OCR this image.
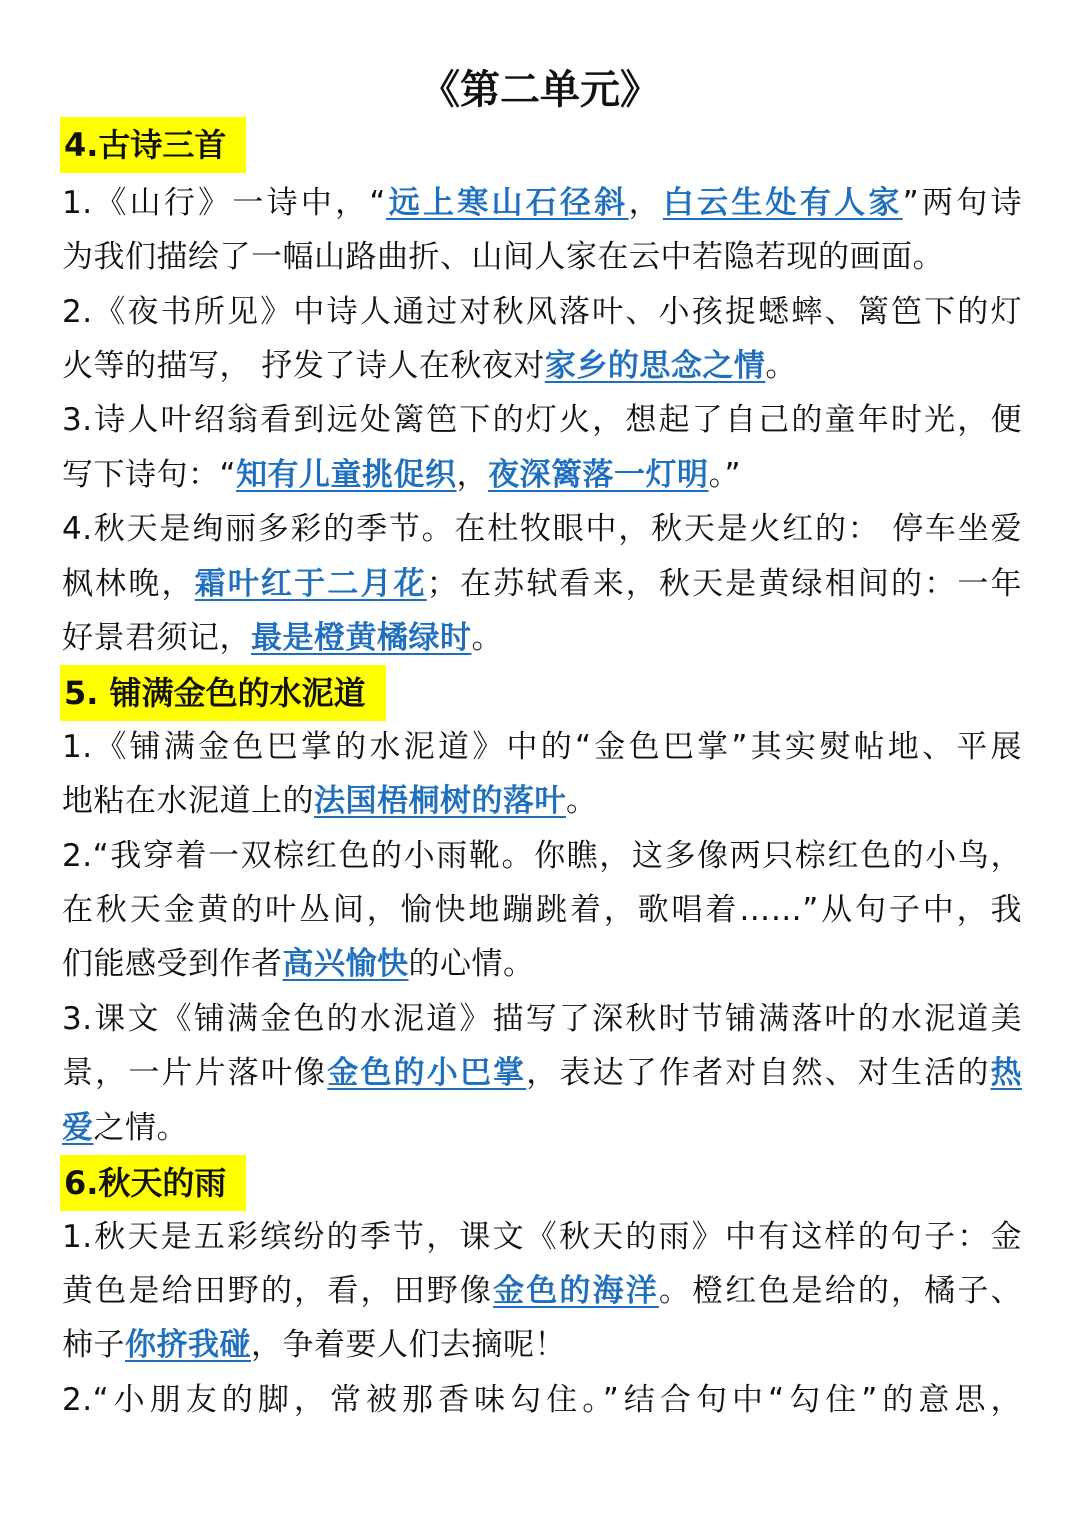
《第二单元》
4.古诗三首
1.《山行》一诗中，“远上寒山石径斜，白云生处有人家”两句诗
为我们描绘了一幅山路曲折、山间人家在云中若隐若现的画面。
2.《夜书所见》中诗人通过对秋风落叶、小孩捉蟋蟀、篱笆下的灯
火等的描写， 抒发了诗人在秋夜对家乡的思念之情。
3.诗人叶绍翁看到远处篱笆下的灯火，想起了自己的童年时光，便
写下诗句：“知有儿童挑促织，夜深篱落一灯明。”
4.秋天是绚丽多彩的季节。在杜牧眼中，秋天是火红的： 停车坐爱
枫林晚，霜叶红于二月花；在苏轼看来，秋天是黄绿相间的：一年
好景君须记，最是橙黄橘绿时。
5. 铺满金色的水泥道
1.《铺满金色巴掌的水泥道》中的“金色巴掌”其实熨帖地、平展
地粘在水泥道上的法国梧桐树的落叶。
2.“我穿着一双棕红色的小雨靴。你瞧，这多像两只棕红色的小鸟，
在秋天金黄的叶丛间，愉快地蹦跳着，歌唱着……”从句子中，我
们能感受到作者高兴愉快的心情。
3.课文《铺满金色的水泥道》描写了深秋时节铺满落叶的水泥道美
景，一片片落叶像金色的小巴掌，表达了作者对自然、对生活的热
爱之情。
6.秋天的雨
1.秋天是五彩缤纷的季节，课文《秋天的雨》中有这样的句子：金
黄色是给田野的，看，田野像金色的海洋。橙红色是给的，橘子、
柿子你挤我碰，争着要人们去摘呢！
2.“小朋友的脚，常被那香味勾住。”结合句中“勾住”的意思，
